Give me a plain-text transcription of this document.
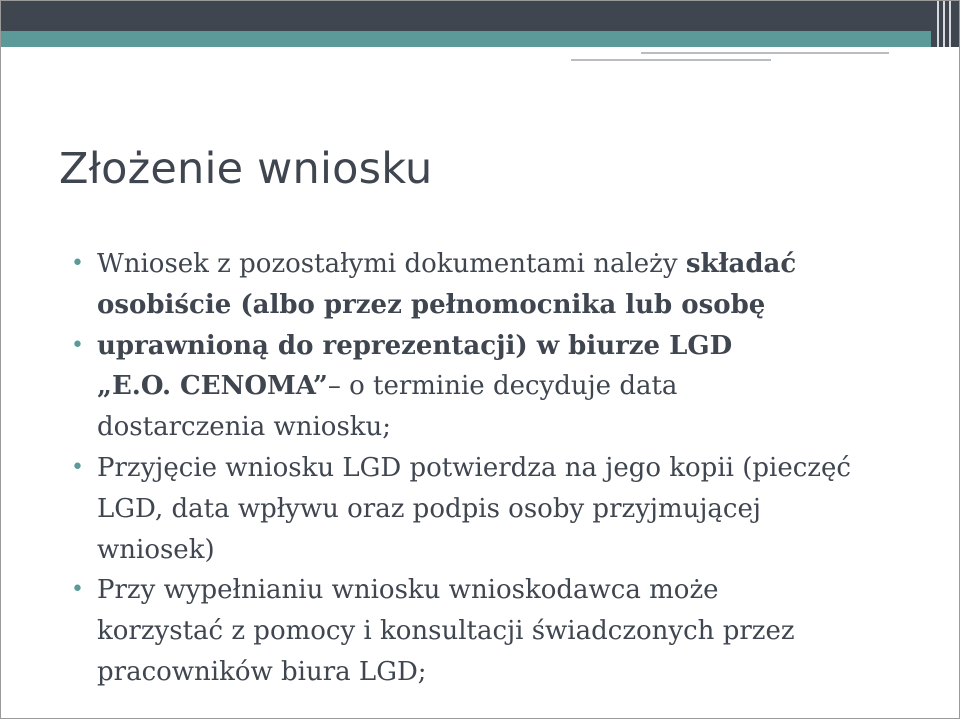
Złożenie wniosku
• Wniosek z pozostałymi dokumentami należy składać
osobiście (albo przez pełnomocnika lub osobę
• uprawnioną do reprezentacji) w biurze LGD
„E.O. CENOMA”– o terminie decyduje data
dostarczenia wniosku;
• Przyjęcie wniosku LGD potwierdza na jego kopii (pieczęć
LGD, data wpływu oraz podpis osoby przyjmującej
wniosek)
• Przy wypełnianiu wniosku wnioskodawca może
korzystać z pomocy i konsultacji świadczonych przez
pracowników biura LGD;
